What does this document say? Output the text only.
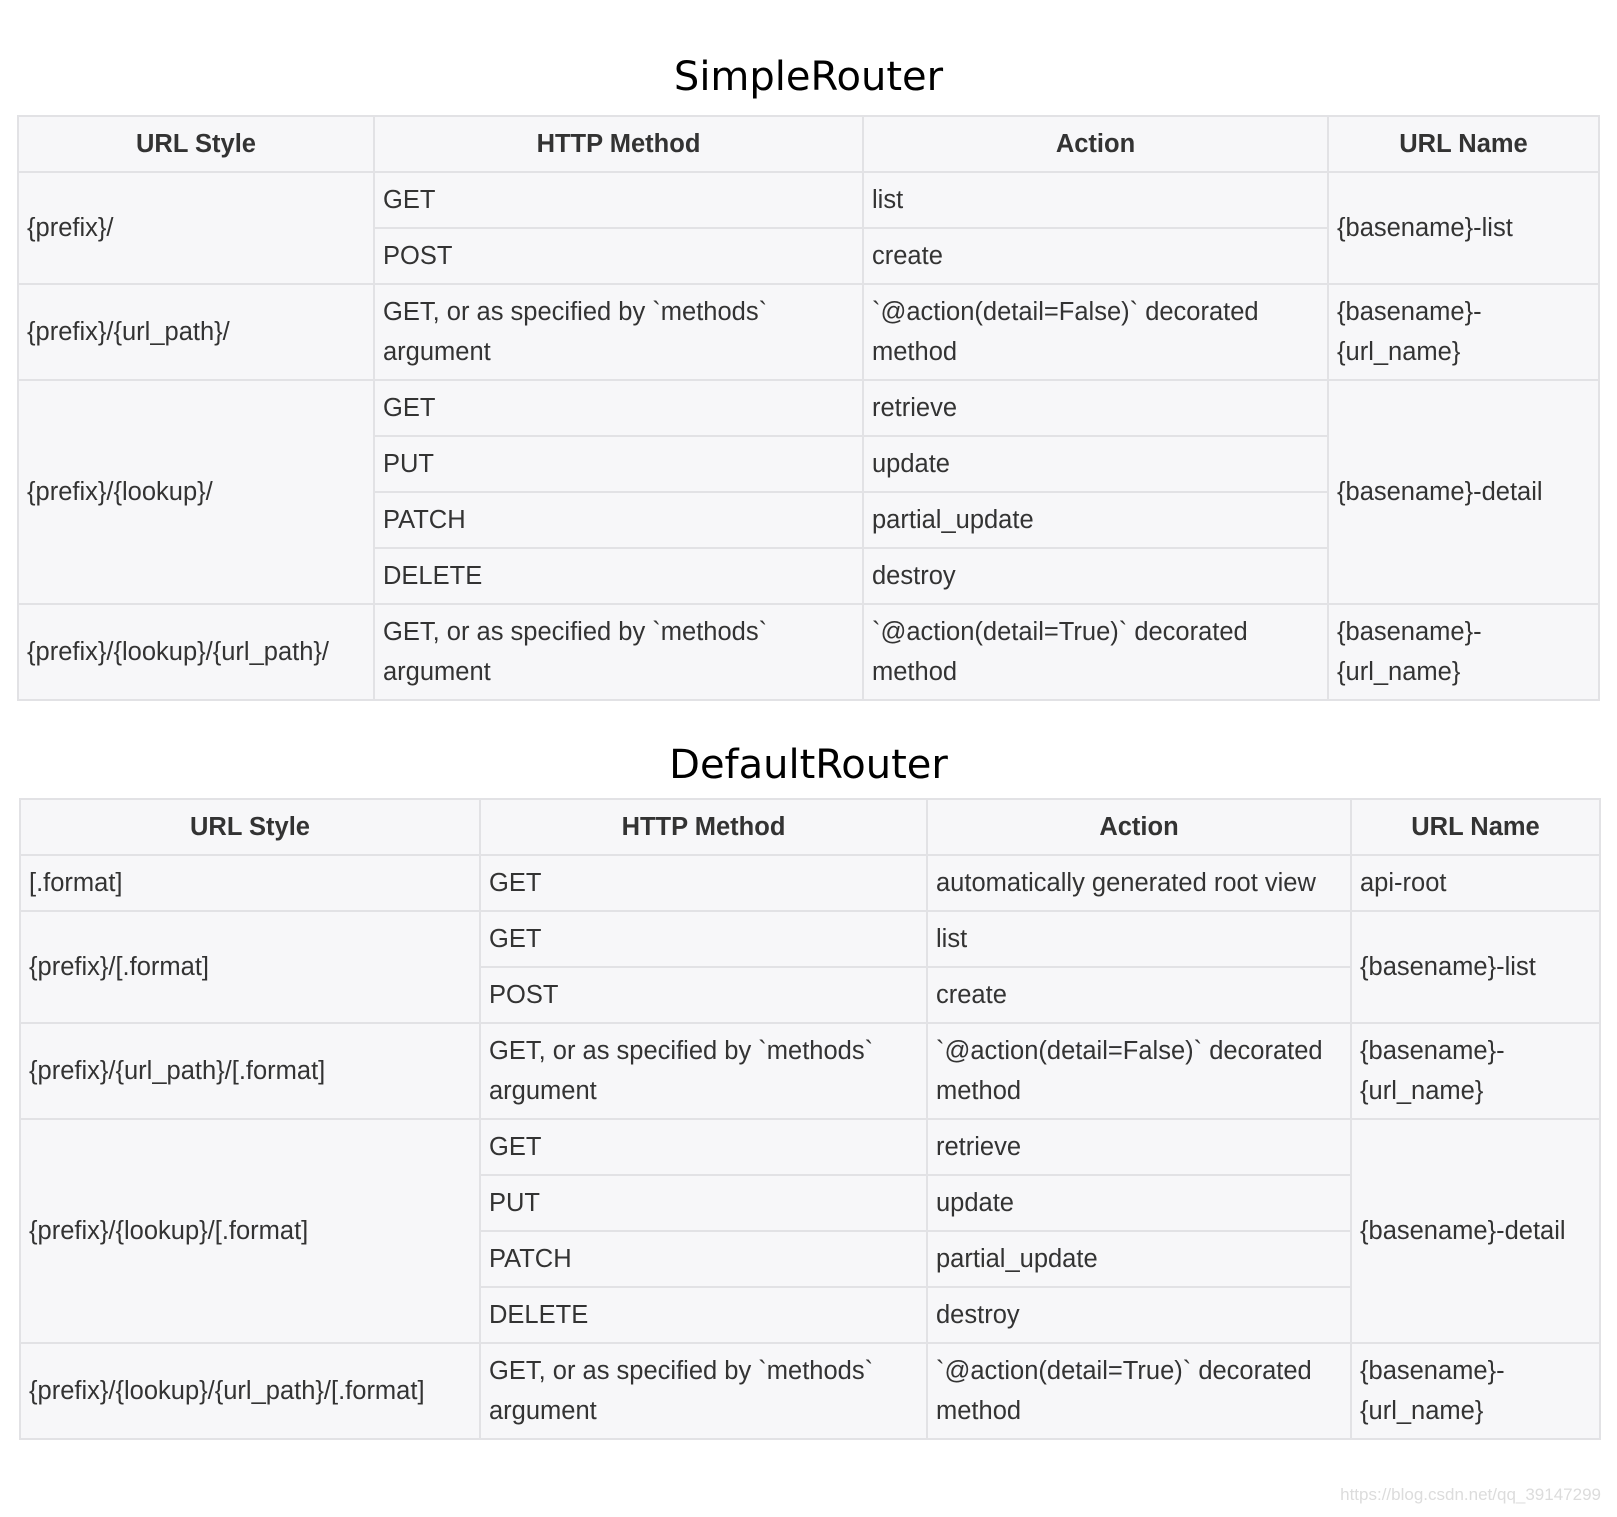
SimpleRouter
URL Style	HTTP Method	Action	URL Name
{prefix}/	GET	list	{basename}-list
	POST	create	
{prefix}/{url_path}/	GET, or as specified by `methods` argument	`@action(detail=False)` decorated method	{basename}-{url_name}
{prefix}/{lookup}/	GET	retrieve	{basename}-detail
	PUT	update	
	PATCH	partial_update	
	DELETE	destroy	
{prefix}/{lookup}/{url_path}/	GET, or as specified by `methods` argument	`@action(detail=True)` decorated method	{basename}-{url_name}
DefaultRouter
URL Style	HTTP Method	Action	URL Name
[.format]	GET	automatically generated root view	api-root
{prefix}/[.format]	GET	list	{basename}-list
	POST	create	
{prefix}/{url_path}/[.format]	GET, or as specified by `methods` argument	`@action(detail=False)` decorated method	{basename}-{url_name}
{prefix}/{lookup}/[.format]	GET	retrieve	{basename}-detail
	PUT	update	
	PATCH	partial_update	
	DELETE	destroy	
{prefix}/{lookup}/{url_path}/[.format]	GET, or as specified by `methods` argument	`@action(detail=True)` decorated method	{basename}-{url_name}
https://blog.csdn.net/qq_39147299
